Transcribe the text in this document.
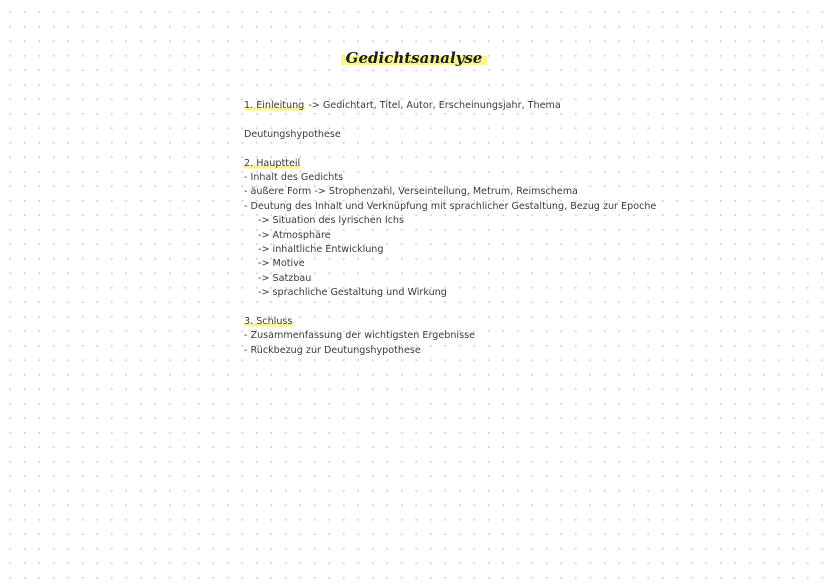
Gedichtsanalyse
1. Einleitung -> Gedichtart, Titel, Autor, Erscheinungsjahr, Thema
Deutungshypothese
2. Hauptteil
- Inhalt des Gedichts
- äußere Form -> Strophenzahl, Verseinteilung, Metrum, Reimschema
- Deutung des Inhalt und Verknüpfung mit sprachlicher Gestaltung, Bezug zur Epoche
-> Situation des lyrischen Ichs
-> Atmosphäre
-> inhaltliche Entwicklung
-> Motive
-> Satzbau
-> sprachliche Gestaltung und Wirkung
3. Schluss
- Zusammenfassung der wichtigsten Ergebnisse
- Rückbezug zur Deutungshypothese
